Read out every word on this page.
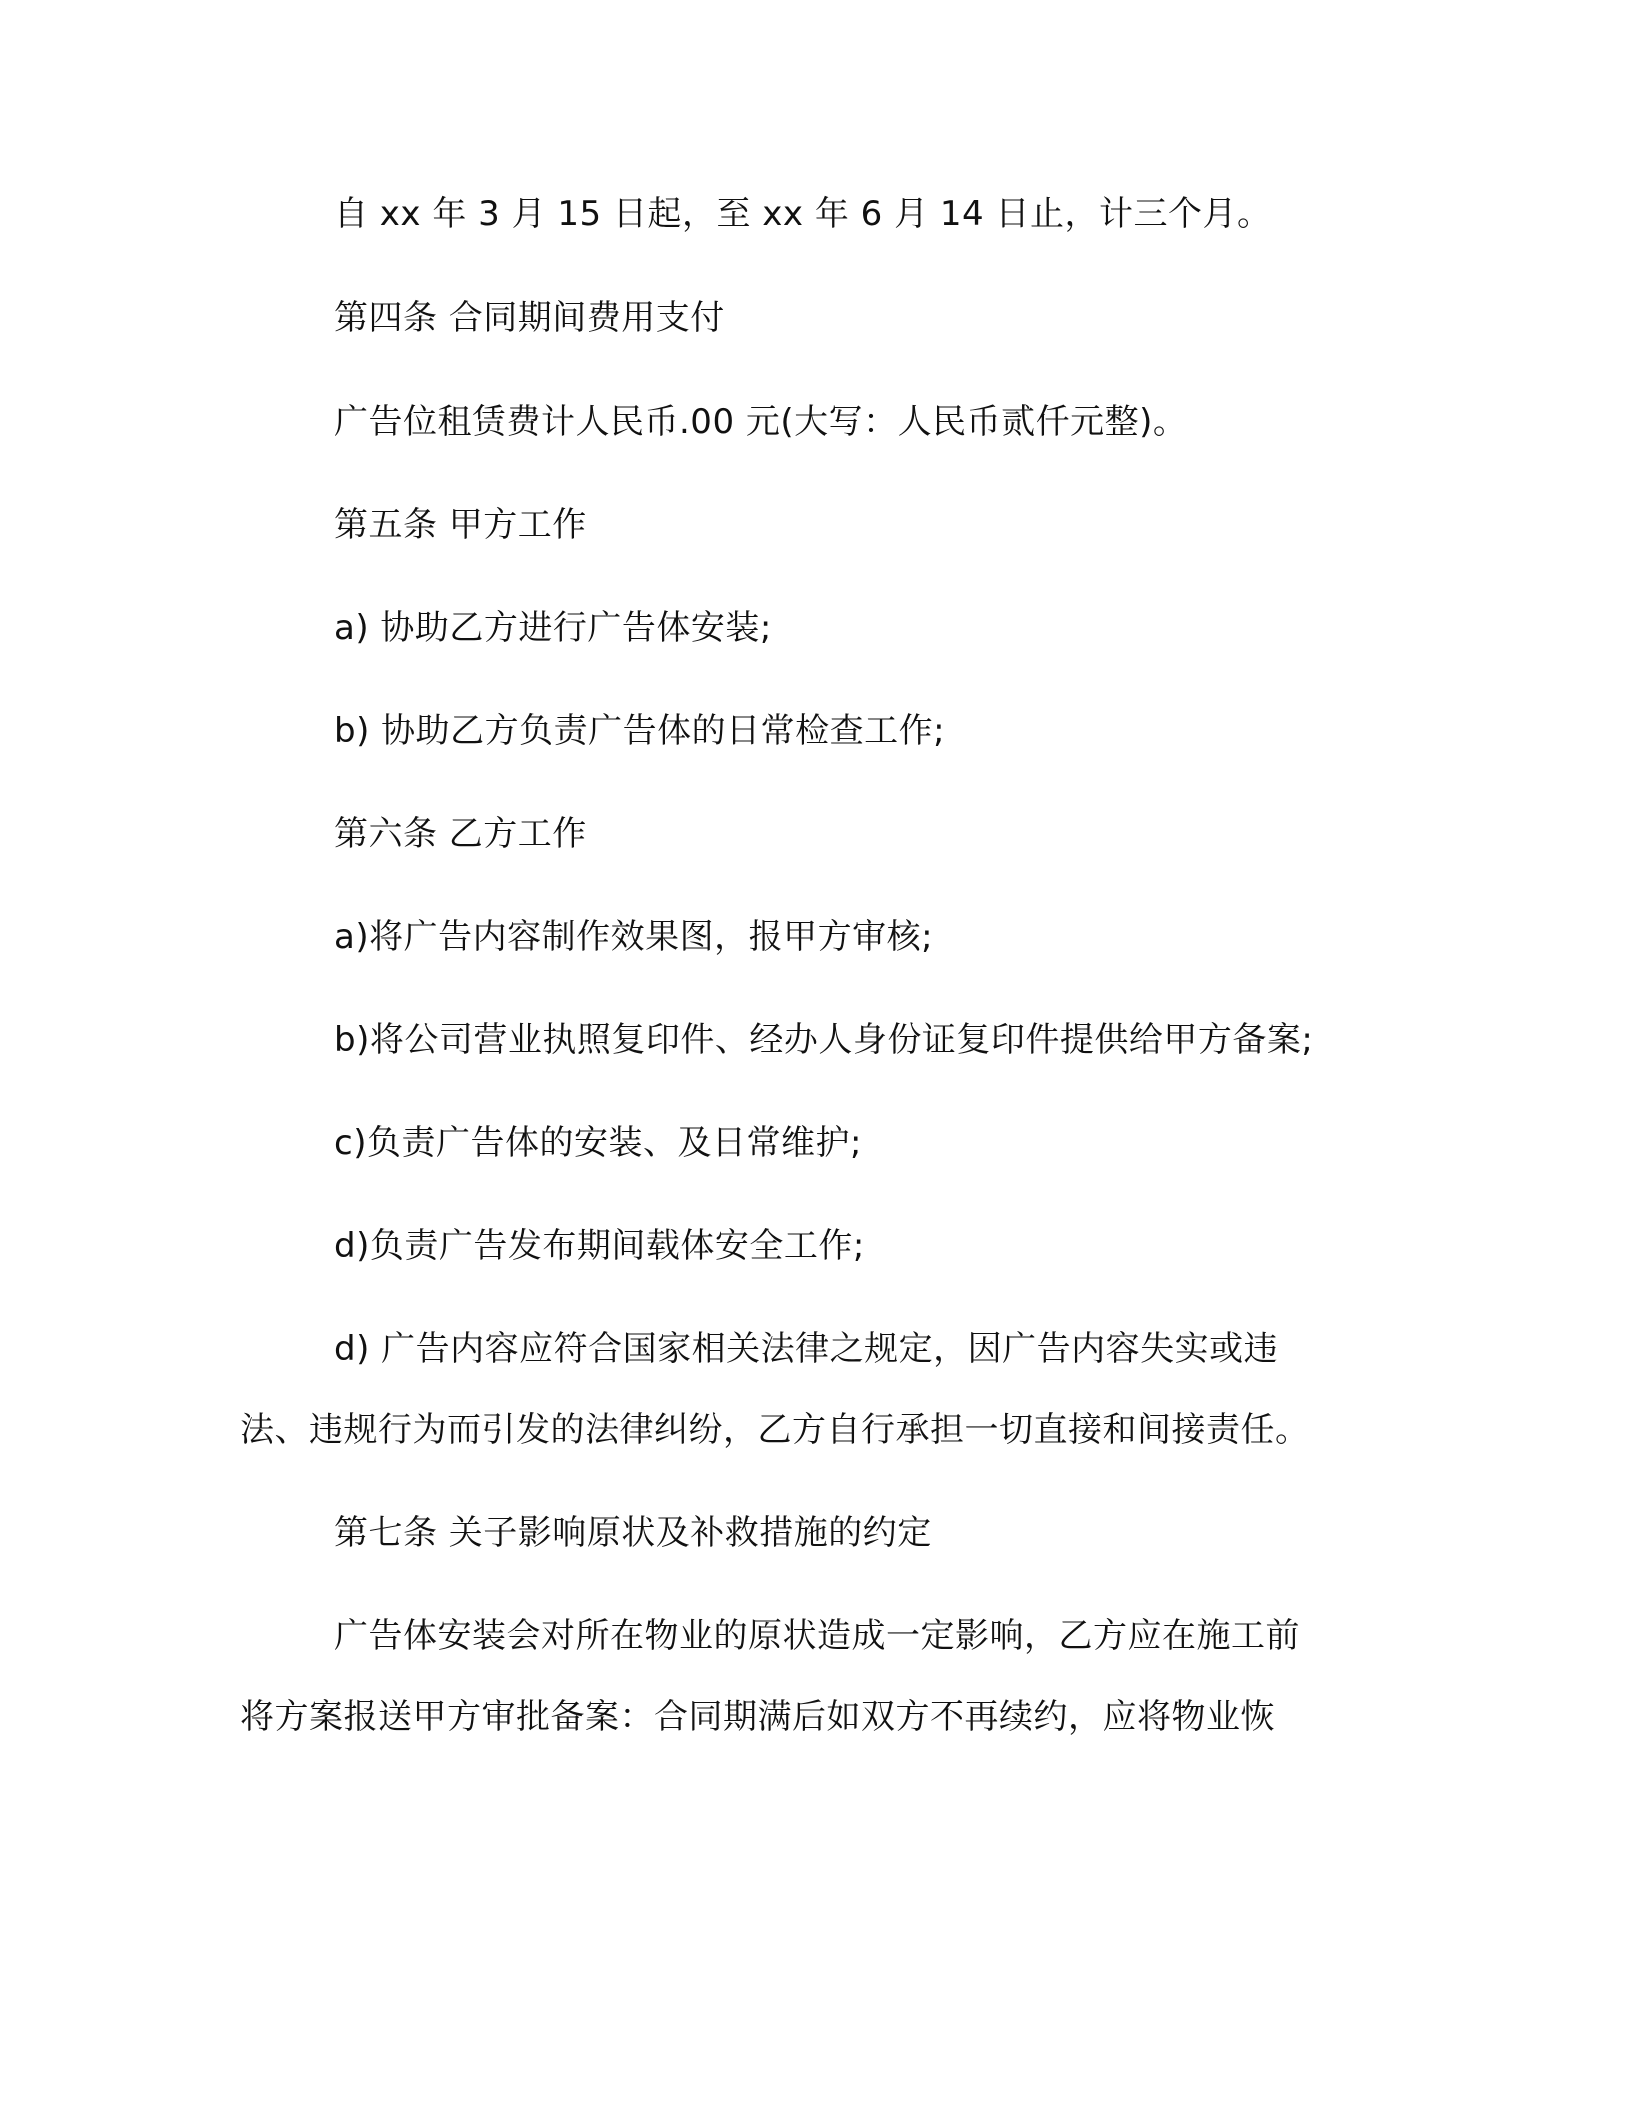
自 xx 年 3 月 15 日起，至 xx 年 6 月 14 日止，计三个月。

第四条 合同期间费用支付

广告位租赁费计人民币.00 元(大写：人民币贰仟元整)。

第五条 甲方工作

a) 协助乙方进行广告体安装;

b) 协助乙方负责广告体的日常检查工作;

第六条 乙方工作

a)将广告内容制作效果图，报甲方审核;

b)将公司营业执照复印件、经办人身份证复印件提供给甲方备案;

c)负责广告体的安装、及日常维护;

d)负责广告发布期间载体安全工作;

d) 广告内容应符合国家相关法律之规定，因广告内容失实或违

法、违规行为而引发的法律纠纷，乙方自行承担一切直接和间接责任。

第七条 关子影响原状及补救措施的约定

广告体安装会对所在物业的原状造成一定影响，乙方应在施工前

将方案报送甲方审批备案：合同期满后如双方不再续约，应将物业恢
